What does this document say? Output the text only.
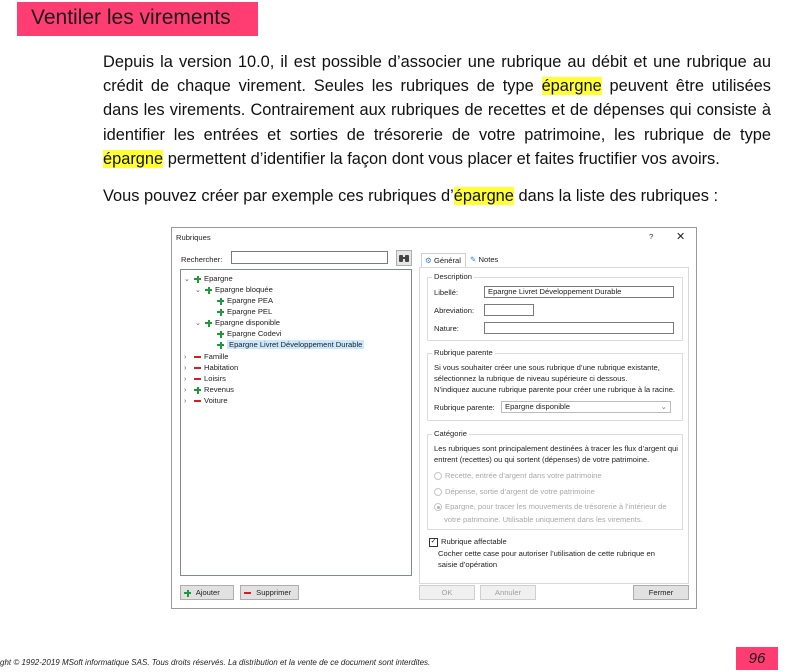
Ventiler les virements
Depuis la version 10.0, il est possible d’associer une rubrique au débit et une rubrique au crédit de chaque virement. Seules les rubriques de type épargne peuvent être utilisées dans les virements. Contrairement aux rubriques de recettes et de dépenses qui consiste à identifier les entrées et sorties de trésorerie de votre patrimoine, les rubrique de type épargne permettent d’identifier la façon dont vous placer et faites fructifier vos avoirs.
Vous pouvez créer par exemple ces rubriques d’épargne dans la liste des rubriques :
Rubriques	? ✕
Rechercher:
⌄ Epargne
⌄ Epargne bloquée
Epargne PEA
Epargne PEL
⌄ Epargne disponible
Epargne Codevi
Epargne Livret Développement Durable
› Famille
› Habitation
› Loisirs
› Revenus
› Voiture
Ajouter	Supprimer
⚙ Général	✎ Notes
Description
Libellé:	Epargne Livret Développement Durable
Abreviation:
Nature:
Rubrique parente
Si vous souhaiter créer une sous rubrique d’une rubrique existante,
sélectionnez la rubrique de niveau supérieure ci dessous.
N’indiquez aucune rubrique parente pour créer une rubrique à la racine.
Rubrique parente:	Epargne disponible	⌄
Catégorie
Les rubriques sont principalement destinées à tracer les flux d’argent qui
entrent (recettes) ou qui sortent (dépenses) de votre patrimoine.
Recette, entrée d’argent dans votre patrimoine
Dépense, sortie d’argent de votre patrimoine
Epargne, pour tracer les mouvements de trésorerie à l’intérieur de
votre patrimoine. Utilisable uniquement dans les virements.
✓ Rubrique affectable
Cocher cette case pour autoriser l’utilisation de cette rubrique en
saisie d’opération
OK	Annuler	Fermer
ght © 1992-2019 MSoft informatique SAS. Tous droits réservés. La distribution et la vente de ce document sont interdites.	96
